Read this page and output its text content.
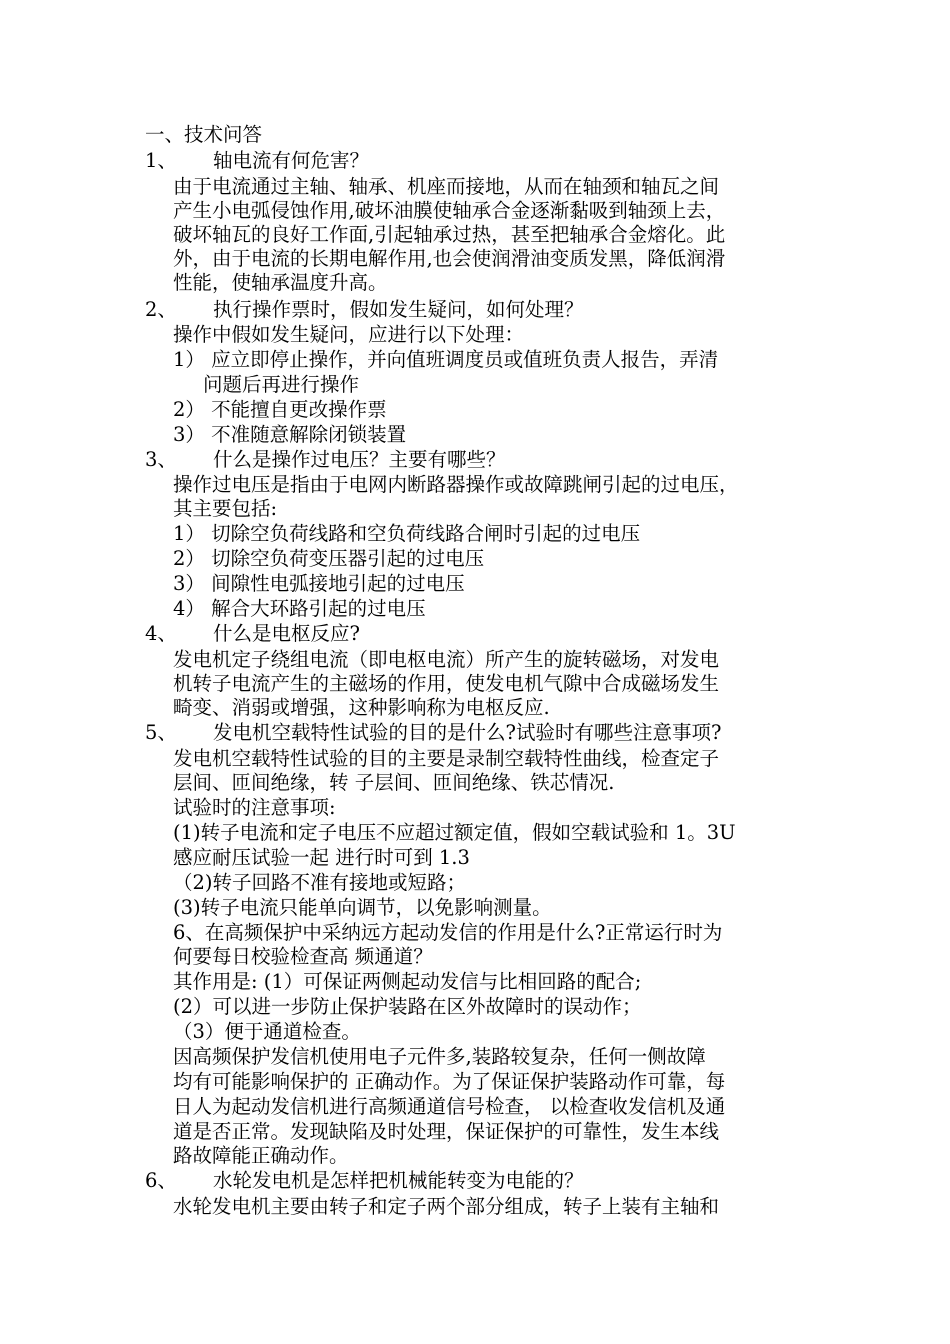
一、技术问答
1、 轴电流有何危害？
由于电流通过主轴、轴承、机座而接地，从而在轴颈和轴瓦之间
产生小电弧侵蚀作用,破坏油膜使轴承合金逐渐黏吸到轴颈上去，
破坏轴瓦的良好工作面,引起轴承过热，甚至把轴承合金熔化。此
外，由于电流的长期电解作用,也会使润滑油变质发黑，降低润滑
性能，使轴承温度升高。
2、 执行操作票时，假如发生疑问，如何处理？
操作中假如发生疑问，应进行以下处理：
1） 应立即停止操作，并向值班调度员或值班负责人报告，弄清
问题后再进行操作
2） 不能擅自更改操作票
3） 不准随意解除闭锁装置
3、 什么是操作过电压？主要有哪些？
操作过电压是指由于电网内断路器操作或故障跳闸引起的过电压，
其主要包括:
1） 切除空负荷线路和空负荷线路合闸时引起的过电压
2） 切除空负荷变压器引起的过电压
3） 间隙性电弧接地引起的过电压
4） 解合大环路引起的过电压
4、 什么是电枢反应?
发电机定子绕组电流（即电枢电流）所产生的旋转磁场，对发电
机转子电流产生的主磁场的作用，使发电机气隙中合成磁场发生
畸变、消弱或增强，这种影响称为电枢反应.
5、 发电机空载特性试验的目的是什么?试验时有哪些注意事项?
发电机空载特性试验的目的主要是录制空载特性曲线，检查定子
层间、匝间绝缘，转 子层间、匝间绝缘、铁芯情况.
试验时的注意事项:
(1)转子电流和定子电压不应超过额定值，假如空载试验和 1。3U
感应耐压试验一起 进行时可到 1.3
（2)转子回路不准有接地或短路；
(3)转子电流只能单向调节，以免影响测量。
6、在高频保护中采纳远方起动发信的作用是什么?正常运行时为
何要每日校验检查高 频通道？
其作用是: (1）可保证两侧起动发信与比相回路的配合;
(2）可以进一步防止保护装路在区外故障时的误动作；
（3）便于通道检查。
因高频保护发信机使用电子元件多,装路较复杂，任何一侧故障
均有可能影响保护的 正确动作。为了保证保护装路动作可靠，每
日人为起动发信机进行高频通道信号检查， 以检查收发信机及通
道是否正常。发现缺陷及时处理，保证保护的可靠性，发生本线
路故障能正确动作。
6、 水轮发电机是怎样把机械能转变为电能的？
水轮发电机主要由转子和定子两个部分组成，转子上装有主轴和
